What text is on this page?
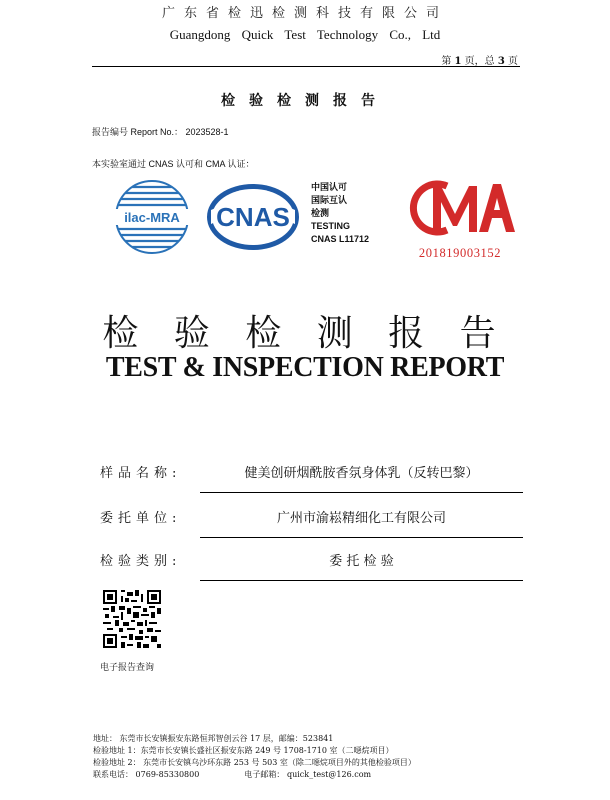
广东省检迅检测科技有限公司
Guangdong Quick Test Technology Co., Ltd
第 1 页，总 3 页
检验检测报告
报告编号 Report No.： 2023528-1
本实验室通过 CNAS 认可和 CMA 认证：
ilac-MRA CNAS
中国认可
国际互认
检测
TESTING
CNAS L11712
201819003152
检 验 检 测 报 告
TEST & INSPECTION REPORT
样品名称:	健美创研烟酰胺香氛身体乳（反转巴黎）
委托单位:	广州市渝崧精细化工有限公司
检验类别:	委 托 检 验
电子报告查询
地址： 东莞市长安镇振安东路恒邦智创云谷 17 层，邮编：523841
检验地址 1：东莞市长安镇长盛社区振安东路 249 号 1708-1710 室（二噁烷项目）
检验地址 2： 东莞市长安镇乌沙环东路 253 号 503 室（除二噁烷项目外的其他检验项目）
联系电话： 0769-85330800	电子邮箱： quick_test@126.com
